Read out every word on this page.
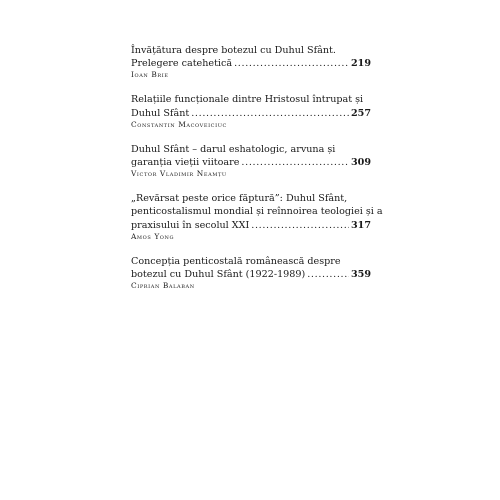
Învățătura despre botezul cu Duhul Sfânt.
Prelegere catehetică . . .	219
Ioan Brie
Relațiile funcționale dintre Hristosul întrupat și
Duhul Sfânt . . .	257
Constantin Macoveiciuc
Duhul Sfânt – darul eshatologic, arvuna și
garanția vieții viitoare . . .	309
Victor Vladimir Neamțu
„Revărsat peste orice făptură”: Duhul Sfânt,
penticostalismul mondial și reînnoirea teologiei și a
praxisului în secolul XXI . . .	317
Amos Yong
Concepția penticostală românească despre
botezul cu Duhul Sfânt (1922-1989) . . .	359
Ciprian Balaban
